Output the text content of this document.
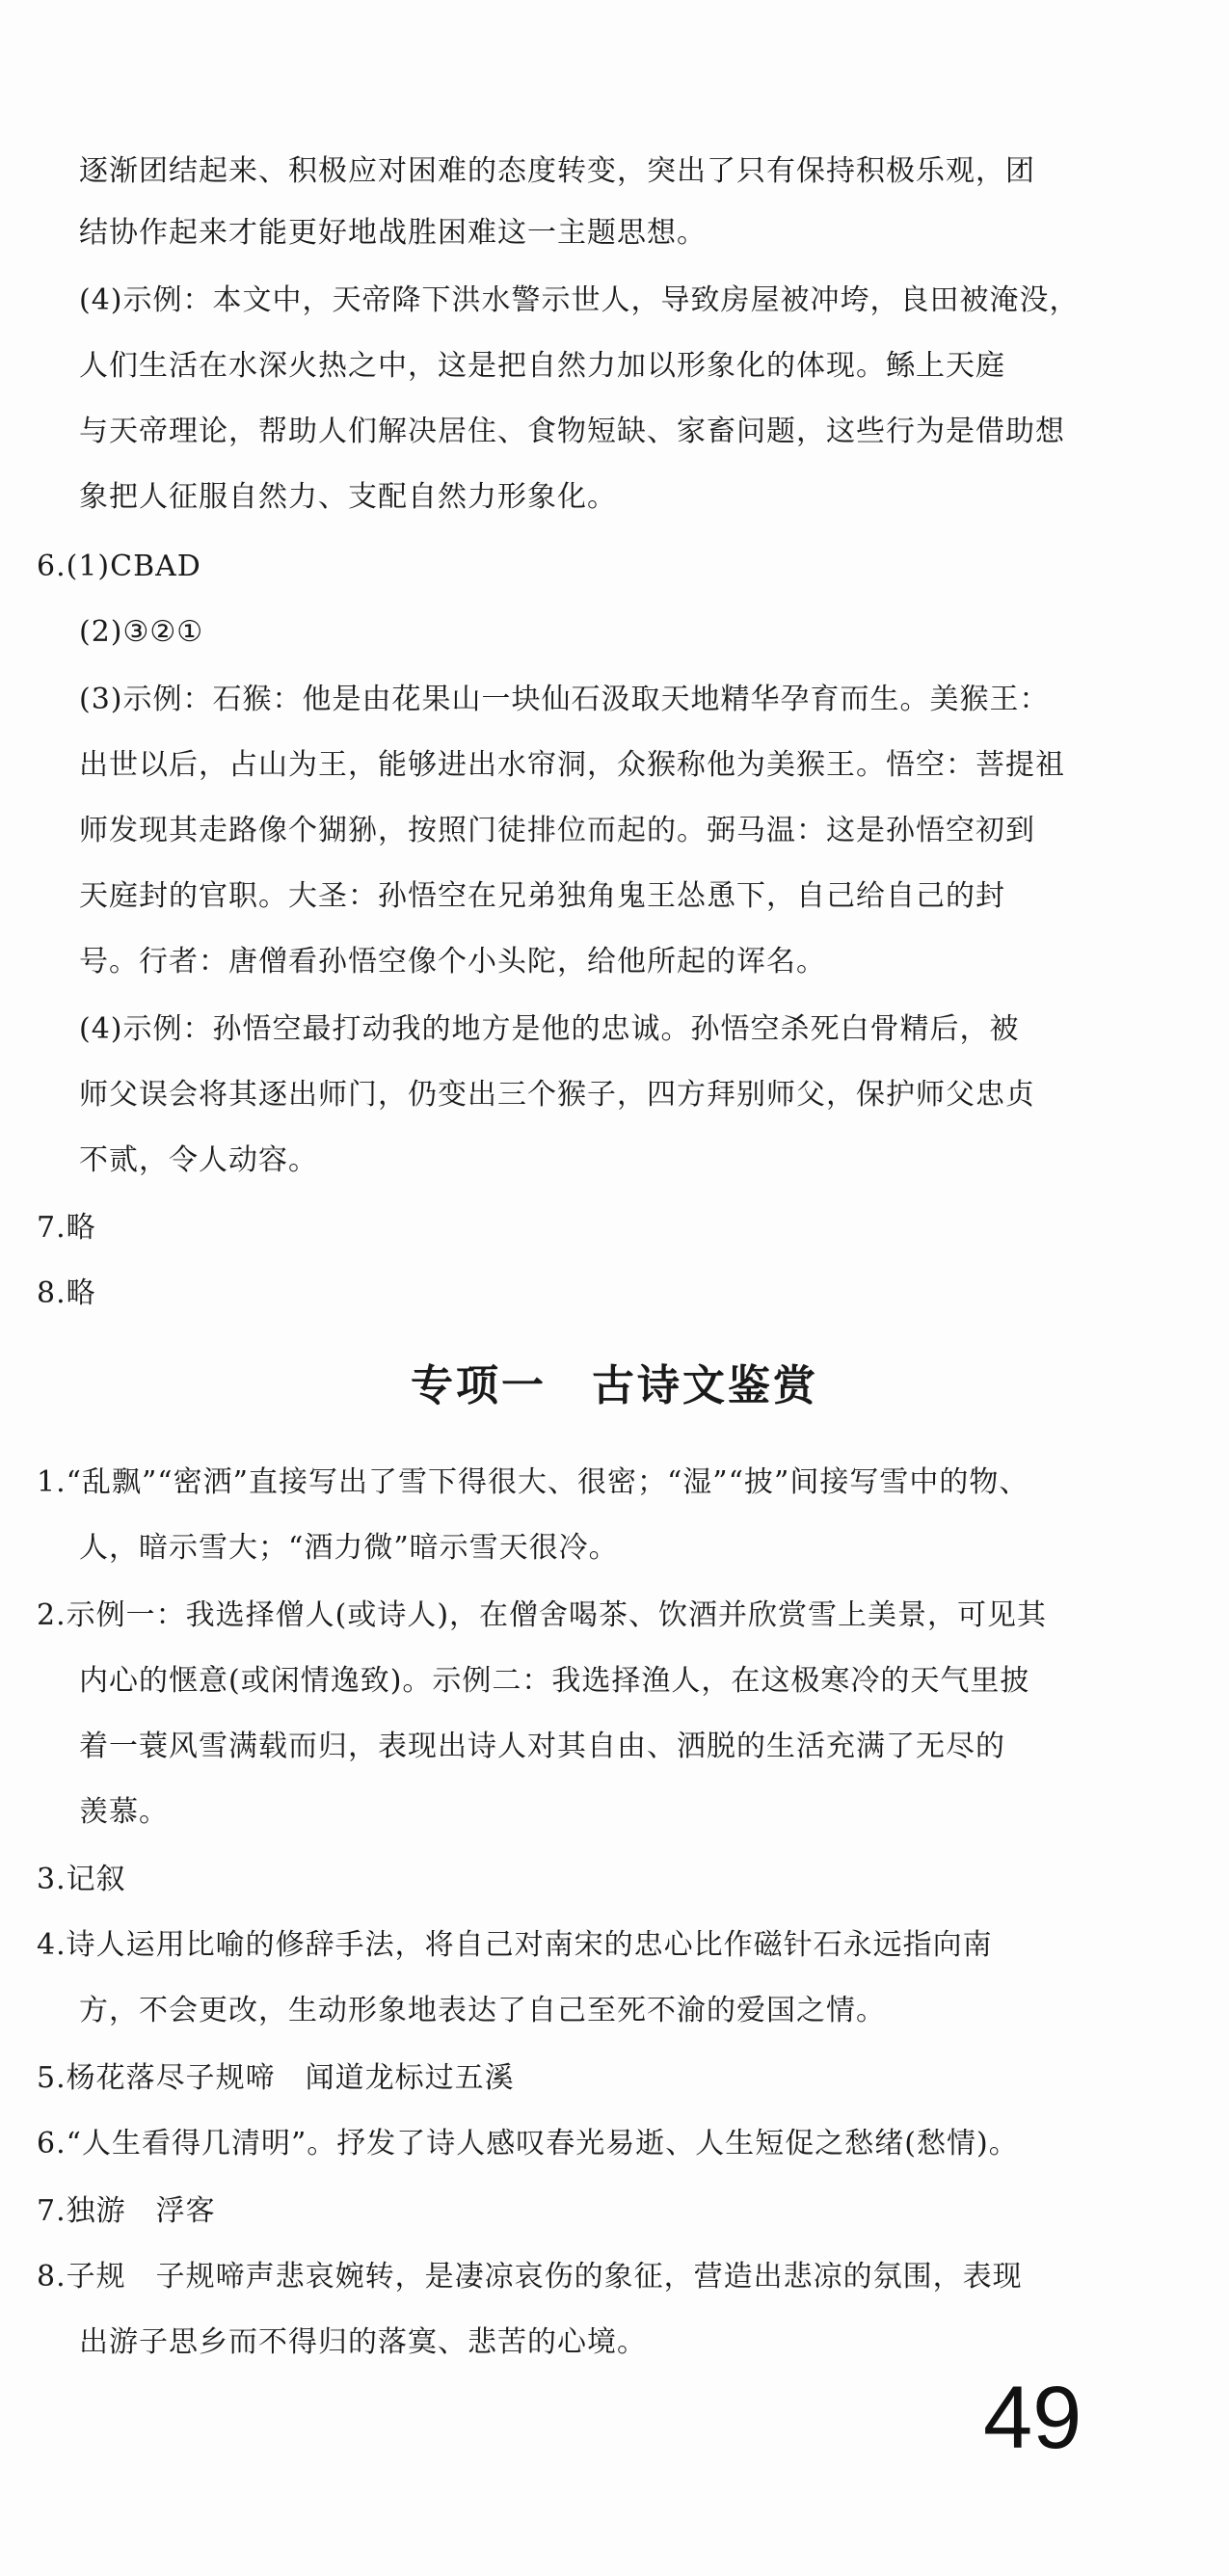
逐渐团结起来、积极应对困难的态度转变，突出了只有保持积极乐观，团
结协作起来才能更好地战胜困难这一主题思想。
(4)示例：本文中，天帝降下洪水警示世人，导致房屋被冲垮，良田被淹没，
人们生活在水深火热之中，这是把自然力加以形象化的体现。鲧上天庭
与天帝理论，帮助人们解决居住、食物短缺、家畜问题，这些行为是借助想
象把人征服自然力、支配自然力形象化。
6.(1)CBAD
(2)③②①
(3)示例：石猴：他是由花果山一块仙石汲取天地精华孕育而生。美猴王：
出世以后，占山为王，能够进出水帘洞，众猴称他为美猴王。悟空：菩提祖
师发现其走路像个猢狲，按照门徒排位而起的。弼马温：这是孙悟空初到
天庭封的官职。大圣：孙悟空在兄弟独角鬼王怂恿下，自己给自己的封
号。行者：唐僧看孙悟空像个小头陀，给他所起的诨名。
(4)示例：孙悟空最打动我的地方是他的忠诚。孙悟空杀死白骨精后，被
师父误会将其逐出师门，仍变出三个猴子，四方拜别师父，保护师父忠贞
不贰，令人动容。
7.略
8.略
专项一　古诗文鉴赏
1.“乱飘”“密洒”直接写出了雪下得很大、很密；“湿”“披”间接写雪中的物、
人，暗示雪大；“酒力微”暗示雪天很冷。
2.示例一：我选择僧人(或诗人)，在僧舍喝茶、饮酒并欣赏雪上美景，可见其
内心的惬意(或闲情逸致)。示例二：我选择渔人，在这极寒冷的天气里披
着一蓑风雪满载而归，表现出诗人对其自由、洒脱的生活充满了无尽的
羡慕。
3.记叙
4.诗人运用比喻的修辞手法，将自己对南宋的忠心比作磁针石永远指向南
方，不会更改，生动形象地表达了自己至死不渝的爱国之情。
5.杨花落尽子规啼　闻道龙标过五溪
6.“人生看得几清明”。抒发了诗人感叹春光易逝、人生短促之愁绪(愁情)。
7.独游　浮客
8.子规　子规啼声悲哀婉转，是凄凉哀伤的象征，营造出悲凉的氛围，表现
出游子思乡而不得归的落寞、悲苦的心境。
49
